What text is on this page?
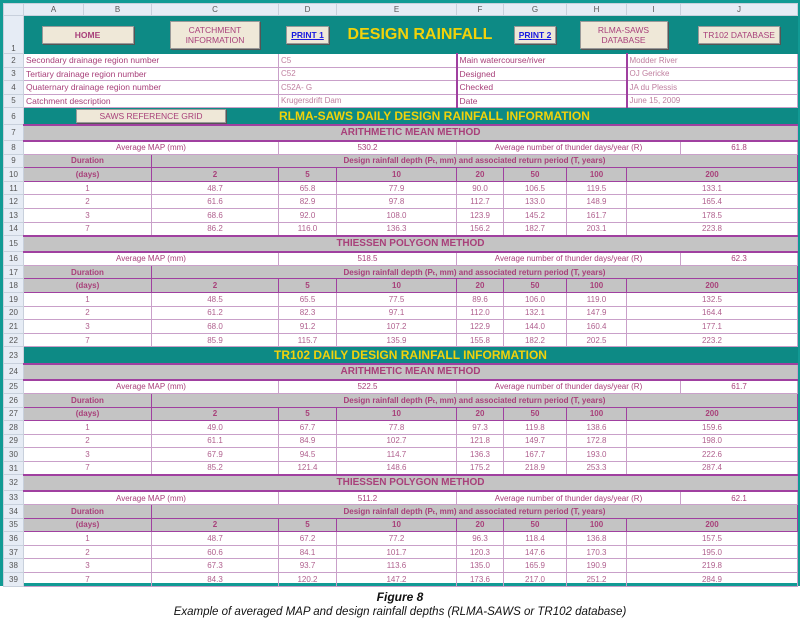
	A	B	C	D	E	F	G	H	I	J
1	HOME		CATCHMENT INFORMATION	PRINT 1	DESIGN RAINFALL		PRINT 2	RLMA-SAWS DATABASE		TR102 DATABASE
2	Secondary drainage region number			C5		Main watercourse/river			Modder River	
3	Tertiary drainage region number			C52		Designed			OJ Gericke	
4	Quaternary drainage region number			C52A- G		Checked			JA du Plessis	
5	Catchment description			Krugersdrift Dam		Date			June 15, 2009	
6	SAWS REFERENCE GRID			RLMA-SAWS DAILY DESIGN RAINFALL INFORMATION						
7	ARITHMETIC MEAN METHOD									
8	Average MAP (mm)			530.2		Average number of thunder days/year (R)				61.8
9	Duration		Design rainfall depth (Pₜ, mm) and associated return period (T, years)							
10	(days)		2	5	10	20	50	100	200	
11	1		48.7	65.8	77.9	90.0	106.5	119.5	133.1	
12	2		61.6	82.9	97.8	112.7	133.0	148.9	165.4	
13	3		68.6	92.0	108.0	123.9	145.2	161.7	178.5	
14	7		86.2	116.0	136.3	156.2	182.7	203.1	223.8	
15	THIESSEN POLYGON METHOD									
16	Average MAP (mm)			518.5		Average number of thunder days/year (R)				62.3
17	Duration		Design rainfall depth (Pₜ, mm) and associated return period (T, years)							
18	(days)		2	5	10	20	50	100	200	
19	1		48.5	65.5	77.5	89.6	106.0	119.0	132.5	
20	2		61.2	82.3	97.1	112.0	132.1	147.9	164.4	
21	3		68.0	91.2	107.2	122.9	144.0	160.4	177.1	
22	7		85.9	115.7	135.9	155.8	182.2	202.5	223.2	
23	TR102 DAILY DESIGN RAINFALL INFORMATION									
24	ARITHMETIC MEAN METHOD									
25	Average MAP (mm)			522.5		Average number of thunder days/year (R)				61.7
26	Duration		Design rainfall depth (Pₜ, mm) and associated return period (T, years)							
27	(days)		2	5	10	20	50	100	200	
28	1		49.0	67.7	77.8	97.3	119.8	138.6	159.6	
29	2		61.1	84.9	102.7	121.8	149.7	172.8	198.0	
30	3		67.9	94.5	114.7	136.3	167.7	193.0	222.6	
31	7		85.2	121.4	148.6	175.2	218.9	253.3	287.4	
32	THIESSEN POLYGON METHOD									
33	Average MAP (mm)			511.2		Average number of thunder days/year (R)				62.1
34	Duration		Design rainfall depth (Pₜ, mm) and associated return period (T, years)							
35	(days)		2	5	10	20	50	100	200	
36	1		48.7	67.2	77.2	96.3	118.4	136.8	157.5	
37	2		60.6	84.1	101.7	120.3	147.6	170.3	195.0	
38	3		67.3	93.7	113.6	135.0	165.9	190.9	219.8	
39	7		84.3	120.2	147.2	173.6	217.0	251.2	284.9	
Figure 8
Example of averaged MAP and design rainfall depths (RLMA-SAWS or TR102 database)
